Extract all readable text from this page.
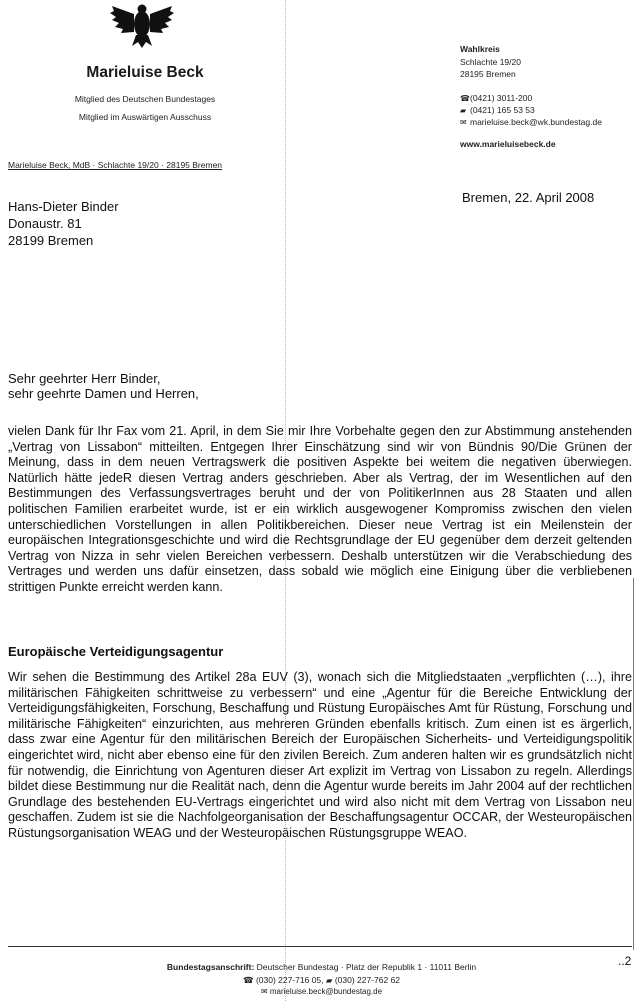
Marieluise Beck
Mitglied des Deutschen Bundestages
Mitglied im Auswärtigen Ausschuss
Wahlkreis
Schlachte 19/20
28195 Bremen
☎(0421) 3011-200
▰ (0421) 165 53 53
✉ marieluise.beck@wk.bundestag.de
www.marieluisebeck.de
Marieluise Beck, MdB · Schlachte 19/20 · 28195 Bremen
Hans-Dieter Binder
Donaustr. 81
28199 Bremen
Bremen, 22. April 2008
Sehr geehrter Herr Binder,
sehr geehrte Damen und Herren,
vielen Dank für Ihr Fax vom 21. April, in dem Sie mir Ihre Vorbehalte gegen den zur Abstimmung anstehenden „Vertrag von Lissabon“ mitteilten. Entgegen Ihrer Einschätzung sind wir von Bündnis 90/Die Grünen der Meinung, dass in dem neuen Vertragswerk die positiven Aspekte bei weitem die negativen überwiegen. Natürlich hätte jedeR diesen Vertrag anders geschrieben. Aber als Vertrag, der im Wesentlichen auf den Bestimmungen des Verfassungsvertrages beruht und der von PolitikerInnen aus 28 Staaten und allen politischen Familien erarbeitet wurde, ist er ein wirklich ausgewogener Kompromiss zwischen den vielen unterschiedlichen Vorstellungen in allen Politikbereichen. Dieser neue Vertrag ist ein Meilenstein der europäischen Integrationsgeschichte und wird die Rechtsgrundlage der EU gegenüber dem derzeit geltenden Vertrag von Nizza in sehr vielen Bereichen verbessern. Deshalb unterstützen wir die Verabschiedung des Vertrages und werden uns dafür einsetzen, dass sobald wie möglich eine Einigung über die verbliebenen strittigen Punkte erreicht werden kann.
Europäische Verteidigungsagentur
Wir sehen die Bestimmung des Artikel 28a EUV (3), wonach sich die Mitgliedstaaten „verpflichten (…), ihre militärischen Fähigkeiten schrittweise zu verbessern“ und eine „Agentur für die Bereiche Entwicklung der Verteidigungsfähigkeiten, Forschung, Beschaffung und Rüstung Europäisches Amt für Rüstung, Forschung und militärische Fähigkeiten“ einzurichten, aus mehreren Gründen ebenfalls kritisch. Zum einen ist es ärgerlich, dass zwar eine Agentur für den militärischen Bereich der Europäischen Sicherheits- und Verteidigungspolitik eingerichtet wird, nicht aber ebenso eine für den zivilen Bereich. Zum anderen halten wir es grundsätzlich nicht für notwendig, die Einrichtung von Agenturen dieser Art explizit im Vertrag von Lissabon zu regeln. Allerdings bildet diese Bestimmung nur die Realität nach, denn die Agentur wurde bereits im Jahr 2004 auf der rechtlichen Grundlage des bestehenden EU-Vertrags eingerichtet und wird also nicht mit dem Vertrag von Lissabon neu geschaffen. Zudem ist sie die Nachfolgeorganisation der Beschaffungsagentur OCCAR, der Westeuropäischen Rüstungsorganisation WEAG und der Westeuropäischen Rüstungsgruppe WEAO.
Bundestagsanschrift: Deutscher Bundestag · Platz der Republik 1 · 11011 Berlin
☎ (030) 227-716 05, ▰ (030) 227-762 62
✉ marieluise.beck@bundestag.de
..2
